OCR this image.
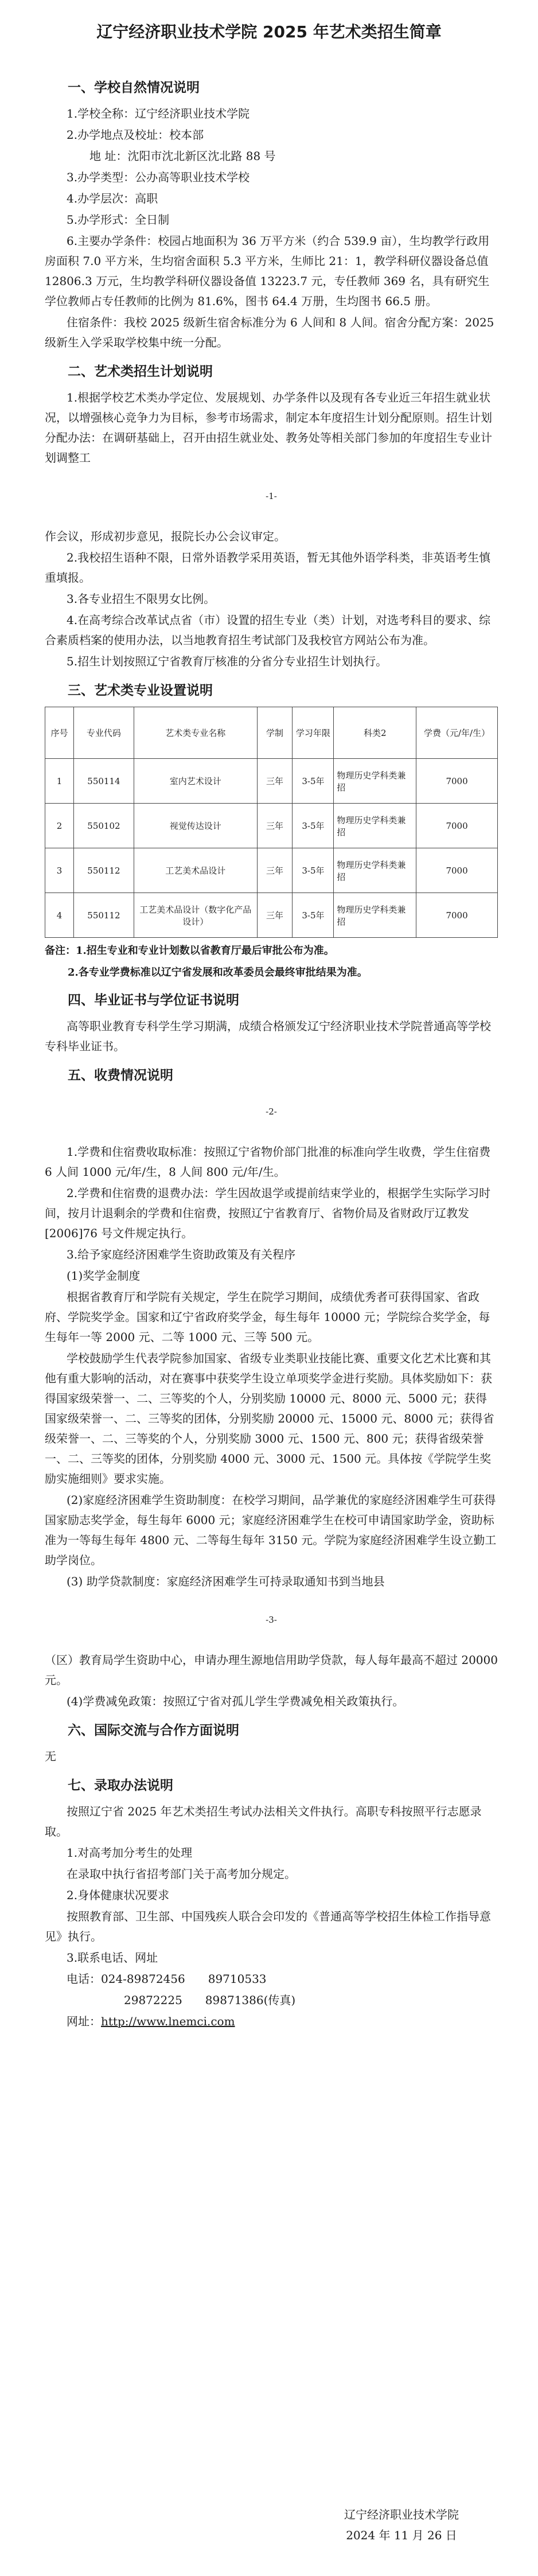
辽宁经济职业技术学院 2025 年艺术类招生简章
一、学校自然情况说明
1.学校全称：辽宁经济职业技术学院
2.办学地点及校址：校本部
地 址：沈阳市沈北新区沈北路 88 号
3.办学类型：公办高等职业技术学校
4.办学层次：高职
5.办学形式：全日制
6.主要办学条件：校园占地面积为 36 万平方米（约合 539.9 亩），生均教学行政用房面积 7.0 平方米，生均宿舍面积 5.3 平方米，生师比 21：1，教学科研仪器设备总值 12806.3 万元，生均教学科研仪器设备值 13223.7 元，专任教师 369 名，具有研究生学位教师占专任教师的比例为 81.6%，图书 64.4 万册，生均图书 66.5 册。
住宿条件：我校 2025 级新生宿舍标准分为 6 人间和 8 人间。宿舍分配方案：2025 级新生入学采取学校集中统一分配。
二、艺术类招生计划说明
1.根据学校艺术类办学定位、发展规划、办学条件以及现有各专业近三年招生就业状况，以增强核心竞争力为目标，参考市场需求，制定本年度招生计划分配原则。招生计划分配办法：在调研基础上，召开由招生就业处、教务处等相关部门参加的年度招生专业计划调整工
-1-
作会议，形成初步意见，报院长办公会议审定。
2.我校招生语种不限，日常外语教学采用英语，暂无其他外语学科类，非英语考生慎重填报。
3.各专业招生不限男女比例。
4.在高考综合改革试点省（市）设置的招生专业（类）计划，对选考科目的要求、综合素质档案的使用办法，以当地教育招生考试部门及我校官方网站公布为准。
5.招生计划按照辽宁省教育厅核准的分省分专业招生计划执行。
三、艺术类专业设置说明
序号	专业代码	艺术类专业名称	学制	学习年限	科类2	学费（元/年/生）
1	550114	室内艺术设计	三年	3-5年	物理历史学科类兼招	7000
2	550102	视觉传达设计	三年	3-5年	物理历史学科类兼招	7000
3	550112	工艺美术品设计	三年	3-5年	物理历史学科类兼招	7000
4	550112	工艺美术品设计（数字化产品设计）	三年	3-5年	物理历史学科类兼招	7000
备注：1.招生专业和专业计划数以省教育厅最后审批公布为准。
2.各专业学费标准以辽宁省发展和改革委员会最终审批结果为准。
四、毕业证书与学位证书说明
高等职业教育专科学生学习期满，成绩合格颁发辽宁经济职业技术学院普通高等学校专科毕业证书。
五、收费情况说明
-2-
1.学费和住宿费收取标准：按照辽宁省物价部门批准的标准向学生收费，学生住宿费 6 人间 1000 元/年/生，8 人间 800 元/年/生。
2.学费和住宿费的退费办法：学生因故退学或提前结束学业的，根据学生实际学习时间，按月计退剩余的学费和住宿费，按照辽宁省教育厅、省物价局及省财政厅辽教发[2006]76 号文件规定执行。
3.给予家庭经济困难学生资助政策及有关程序
(1)奖学金制度
根据省教育厅和学院有关规定，学生在院学习期间，成绩优秀者可获得国家、省政府、学院奖学金。国家和辽宁省政府奖学金，每生每年 10000 元；学院综合奖学金，每生每年一等 2000 元、二等 1000 元、三等 500 元。
学校鼓励学生代表学院参加国家、省级专业类职业技能比赛、重要文化艺术比赛和其他有重大影响的活动，对在赛事中获奖学生设立单项奖学金进行奖励。具体奖励如下：获得国家级荣誉一、二、三等奖的个人，分别奖励 10000 元、8000 元、5000 元；获得国家级荣誉一、二、三等奖的团体，分别奖励 20000 元、15000 元、8000 元；获得省级荣誉一、二、三等奖的个人，分别奖励 3000 元、1500 元、800 元；获得省级荣誉一、二、三等奖的团体，分别奖励 4000 元、3000 元、1500 元。具体按《学院学生奖励实施细则》要求实施。
(2)家庭经济困难学生资助制度：在校学习期间，品学兼优的家庭经济困难学生可获得国家励志奖学金，每生每年 6000 元；家庭经济困难学生在校可申请国家助学金，资助标准为一等每生每年 4800 元、二等每生每年 3150 元。学院为家庭经济困难学生设立勤工助学岗位。
(3) 助学贷款制度：家庭经济困难学生可持录取通知书到当地县
-3-
（区）教育局学生资助中心，申请办理生源地信用助学贷款，每人每年最高不超过 20000 元。
(4)学费减免政策：按照辽宁省对孤儿学生学费减免相关政策执行。
六、国际交流与合作方面说明
无
七、录取办法说明
按照辽宁省 2025 年艺术类招生考试办法相关文件执行。高职专科按照平行志愿录取。
1.对高考加分考生的处理
在录取中执行省招考部门关于高考加分规定。
2.身体健康状况要求
按照教育部、卫生部、中国残疾人联合会印发的《普通高等学校招生体检工作指导意见》执行。
3.联系电话、网址
电话：024-89872456 89710533
29872225 89871386(传真)
网址：http://www.lnemci.com
辽宁经济职业技术学院
2024 年 11 月 26 日
